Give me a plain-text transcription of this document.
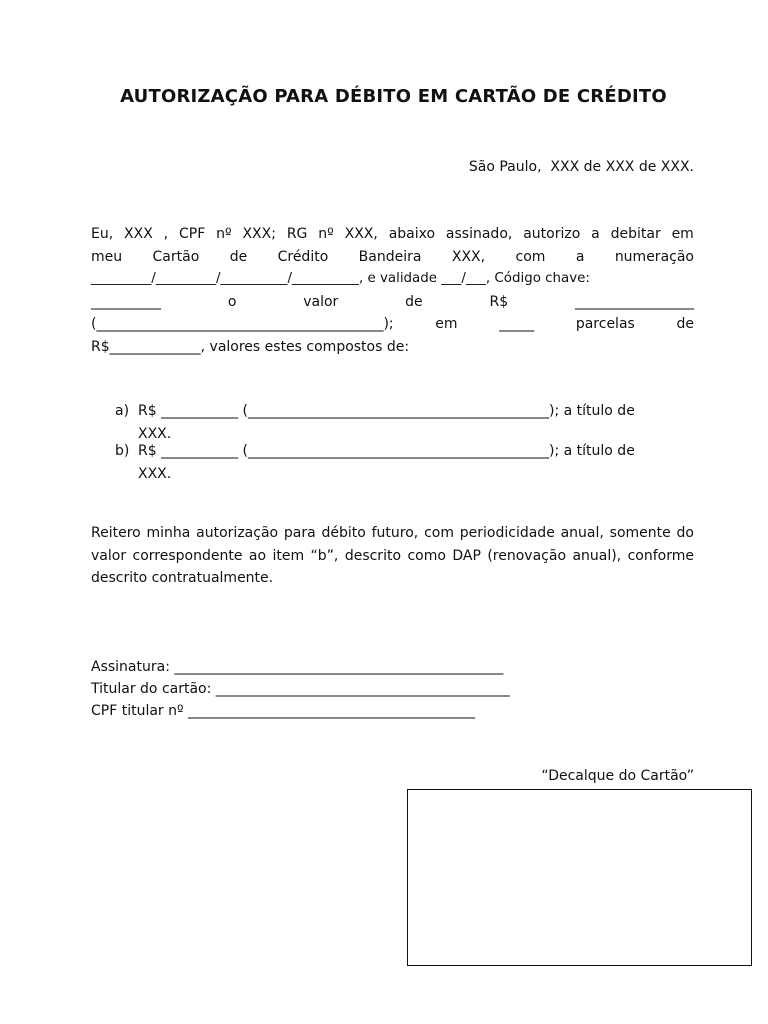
AUTORIZAÇÃO PARA DÉBITO EM CARTÃO DE CRÉDITO
São Paulo,  XXX de XXX de XXX.
Eu, XXX , CPF nº XXX; RG nº XXX, abaixo assinado, autorizo a debitar em
meu Cartão de Crédito Bandeira XXX, com a numeração
_________/_________/__________/__________, e validade ___/___, Código chave:
__________	o	valor	de	R$	_________________
(_________________________________________);	em	_____	parcelas	de
R$_____________, valores estes compostos de:
a) R$ ___________ (___________________________________________); a título de
XXX.
b) R$ ___________ (___________________________________________); a título de
XXX.
Reitero minha autorização para débito futuro, com periodicidade anual, somente do valor correspondente ao item “b”, descrito como DAP (renovação anual), conforme descrito contratualmente.
Assinatura: _______________________________________________
Titular do cartão: __________________________________________
CPF titular nº _________________________________________
“Decalque do Cartão”
